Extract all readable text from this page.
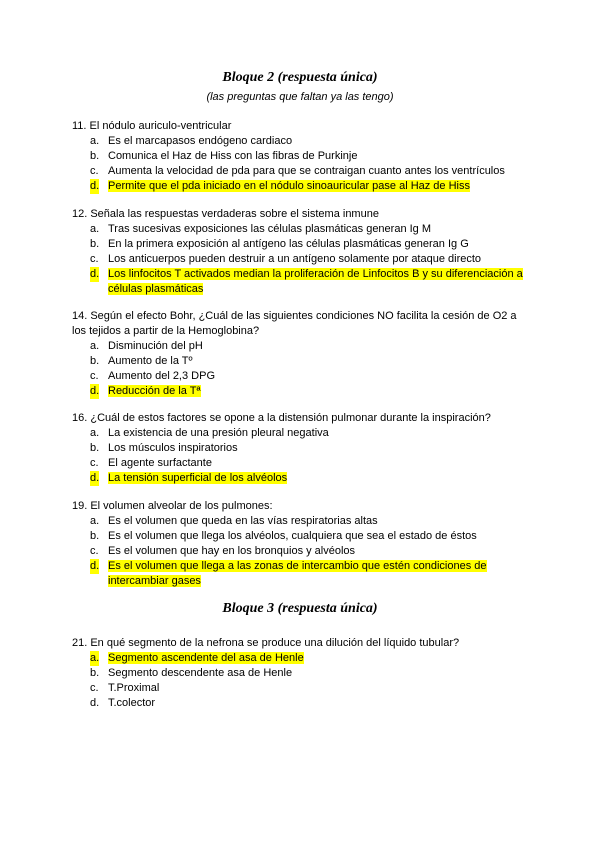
Bloque 2 (respuesta única)
(las preguntas que faltan ya las tengo)

11. El nódulo auriculo-ventricular

a. Es el marcapasos endógeno cardiaco
b. Comunica el Haz de Hiss con las fibras de Purkinje
c. Aumenta la velocidad de pda para que se contraigan cuanto antes los ventrículos
d. Permite que el pda iniciado en el nódulo sinoauricular pase al Haz de Hiss

12. Señala las respuestas verdaderas sobre el sistema inmune

a. Tras sucesivas exposiciones las células plasmáticas generan Ig M
b. En la primera exposición al antígeno las células plasmáticas generan Ig G
c. Los anticuerpos pueden destruir a un antígeno solamente por ataque directo
d. Los linfocitos T activados median la proliferación de Linfocitos B y su diferenciación a células plasmáticas

14. Según el efecto Bohr, ¿Cuál de las siguientes condiciones NO facilita la cesión de O2 a los tejidos a partir de la Hemoglobina?

a. Disminución del pH
b. Aumento de la Tº
c. Aumento del 2,3 DPG
d. Reducción de la Tª

16. ¿Cuál de estos factores se opone a la distensión pulmonar durante la inspiración?

a. La existencia de una presión pleural negativa
b. Los músculos inspiratorios
c. El agente surfactante
d. La tensión superficial de los alvéolos

19. El volumen alveolar de los pulmones:

a. Es el volumen que queda en las vías respiratorias altas
b. Es el volumen que llega los alvéolos, cualquiera que sea el estado de éstos
c. Es el volumen que hay en los bronquios y alvéolos
d. Es el volumen que llega a las zonas de intercambio que estén condiciones de intercambiar gases
Bloque 3 (respuesta única)

21. En qué segmento de la nefrona se produce una dilución del líquido tubular?

a. Segmento ascendente del asa de Henle
b. Segmento descendente asa de Henle
c. T.Proximal
d. T.colector
